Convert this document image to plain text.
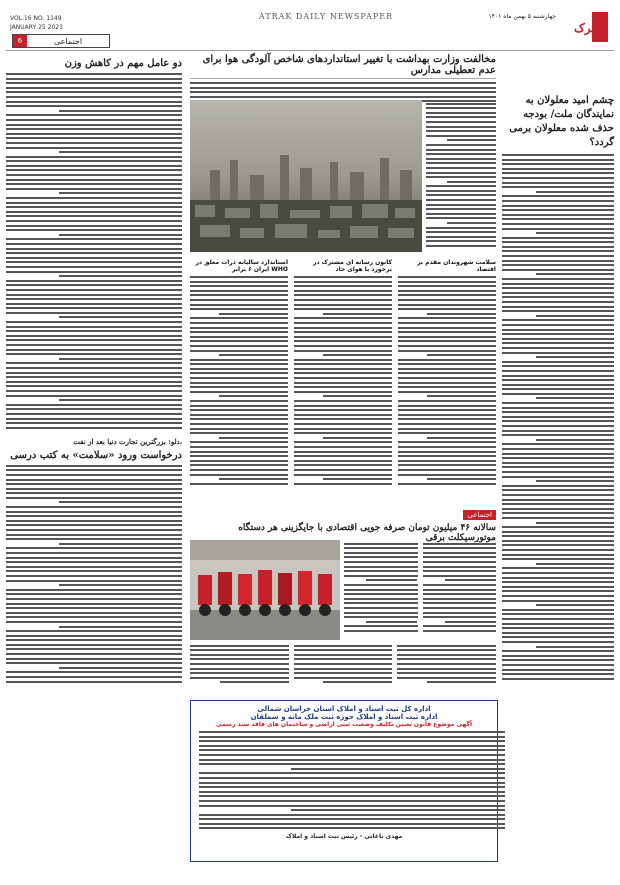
VOL.16 NO. 1149
JANUARY 25 2023
6	اجتماعی
ATRAK DAILY NEWSPAPER	چهارشنبه ۵ بهمن ماه ۱۴۰۱
اترک
دو عامل مهم در کاهش وزن
دلو: بزرگترین تجارت دنیا بعد از نفت،
درخواست ورود «سلامت» به کتب درسی
مخالفت وزارت بهداشت با تغییر استانداردهای شاخص آلودگی هوا برای عدم تعطیلی مدارس
استاندارد سالیانه ذرات معلق در ایران ۶ برابر WHO
کانون رسانه ای مشترک در برخورد با هوای حاد
سلامت شهروندان مقدم بر اقتصاد
اجتماعی
سالانه ۴۶ میلیون تومان صرفه جویی اقتصادی با جایگزینی هر دستگاه موتورسیکلت برقی
چشم امید معلولان به نمایندگان ملت/ بودجه حذف شده معلولان برمی گردد؟
اداره کل ثبت اسناد و املاک استان خراسان شمالی
اداره ثبت اسناد و املاک حوزه ثبت ملک مانه و سملقان
آگهی موضوع قانون تعیین تکلیف وضعیت ثبتی اراضی و ساختمان های فاقد سند رسمی
مهدی باغانی - رئیس ثبت اسناد و املاک
